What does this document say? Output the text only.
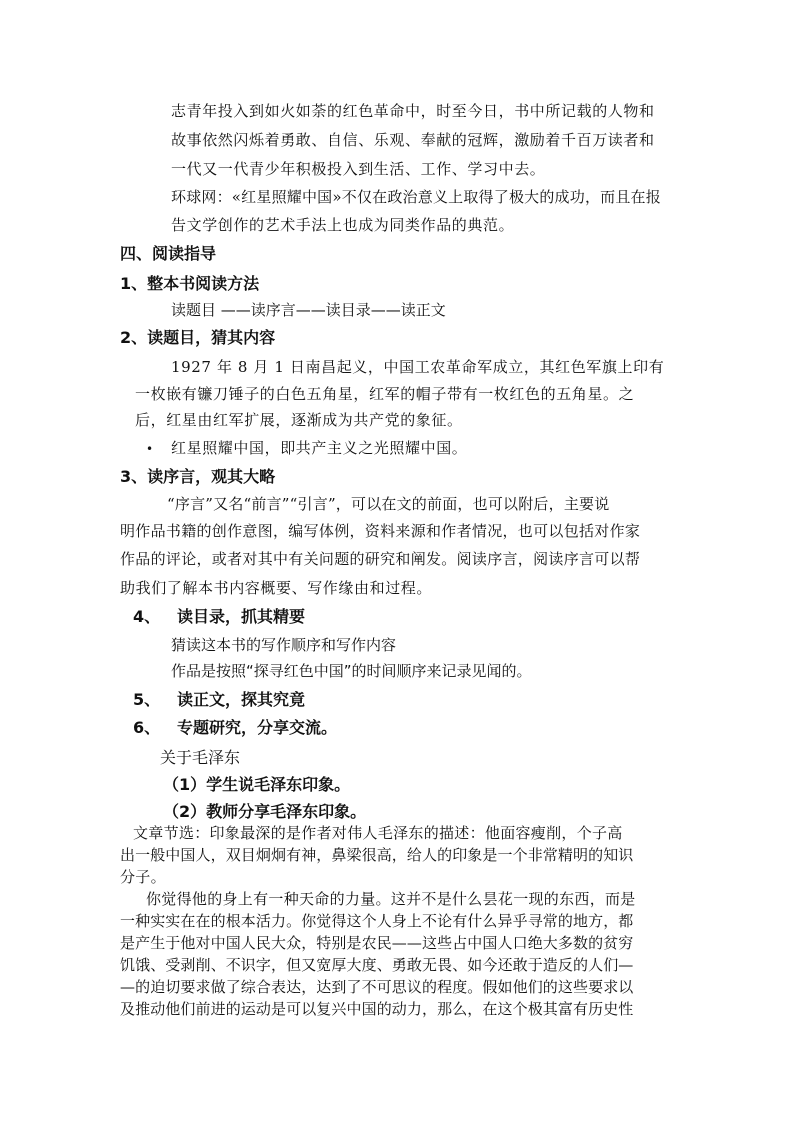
志青年投入到如火如荼的红色革命中，时至今日，书中所记载的人物和
故事依然闪烁着勇敢、自信、乐观、奉献的冠辉，激励着千百万读者和
一代又一代青少年积极投入到生活、工作、学习中去。
环球网：«红星照耀中国»不仅在政治意义上取得了极大的成功，而且在报
告文学创作的艺术手法上也成为同类作品的典范。
四、阅读指导
1、整本书阅读方法
读题目 ——读序言——读目录——读正文
2、读题目，猜其内容
1927 年 8 月 1 日南昌起义，中国工农革命军成立，其红色军旗上印有
一枚嵌有镰刀锤子的白色五角星，红军的帽子带有一枚红色的五角星。之
后，红星由红军扩展，逐渐成为共产党的象征。
• 红星照耀中国，即共产主义之光照耀中国。
3、读序言，观其大略
“序言”又名“前言”“引言”，可以在文的前面，也可以附后，主要说
明作品书籍的创作意图，编写体例，资料来源和作者情况，也可以包括对作家
作品的评论，或者对其中有关问题的研究和阐发。阅读序言，阅读序言可以帮
助我们了解本书内容概要、写作缘由和过程。
4、 读目录，抓其精要
猜读这本书的写作顺序和写作内容
作品是按照“探寻红色中国”的时间顺序来记录见闻的。
5、 读正文，探其究竟
6、 专题研究，分享交流。
关于毛泽东
（1）学生说毛泽东印象。
（2）教师分享毛泽东印象。
文章节选：印象最深的是作者对伟人毛泽东的描述：他面容瘦削，个子高
出一般中国人，双目炯炯有神，鼻梁很高，给人的印象是一个非常精明的知识
分子。
你觉得他的身上有一种天命的力量。这并不是什么昙花一现的东西，而是
一种实实在在的根本活力。你觉得这个人身上不论有什么异乎寻常的地方，都
是产生于他对中国人民大众，特别是农民——这些占中国人口绝大多数的贫穷
饥饿、受剥削、不识字，但又宽厚大度、勇敢无畏、如今还敢于造反的人们—
—的迫切要求做了综合表达，达到了不可思议的程度。假如他们的这些要求以
及推动他们前进的运动是可以复兴中国的动力，那么，在这个极其富有历史性
